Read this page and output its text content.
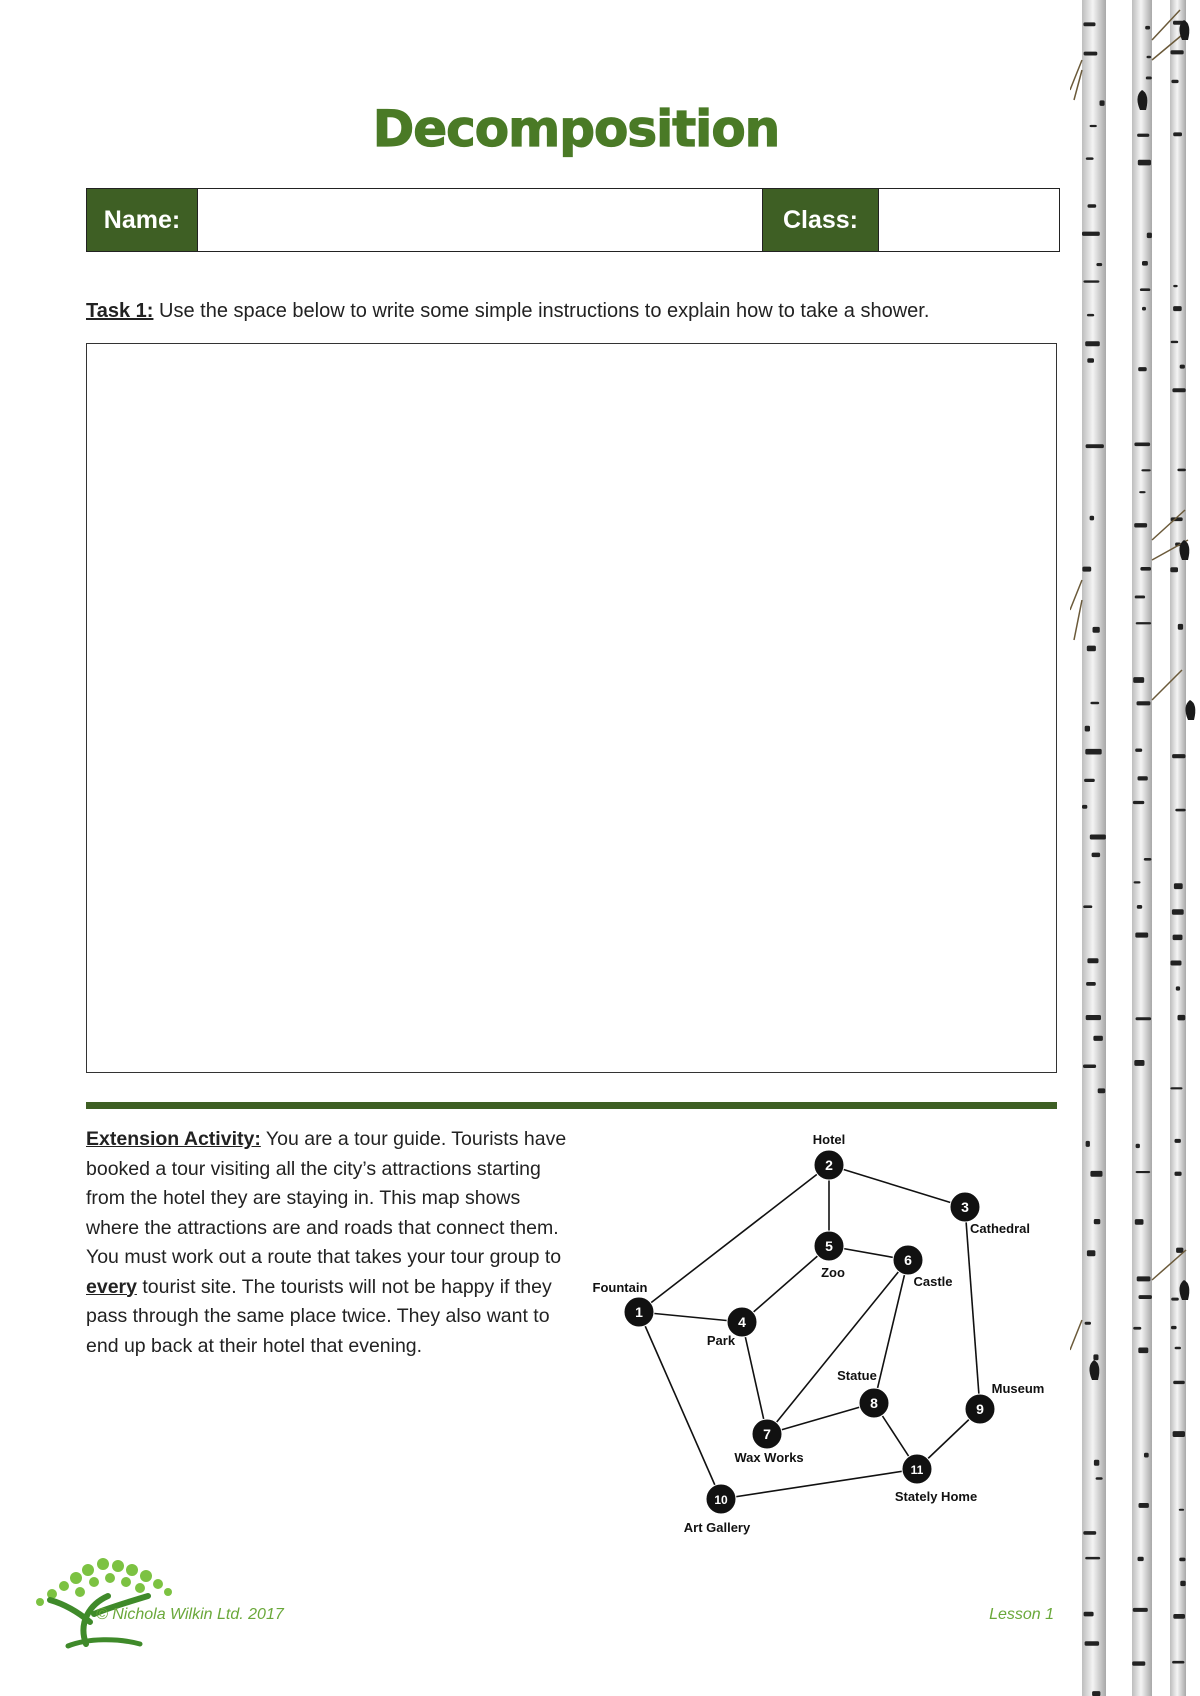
Decomposition
Name:	Class:
Task 1: Use the space below to write some simple instructions to explain how to take a shower.
Extension Activity: You are a tour guide. Tourists have booked a tour visiting all the city’s attractions starting from the hotel they are staying in. This map shows where the attractions are and roads that connect them. You must work out a route that takes your tour group to every tourist site. The tourists will not be happy if they pass through the same place twice. They also want to end up back at their hotel that evening.
1
Fountain
2
Hotel
3
Cathedral
4
Park
5
Zoo
6
Castle
7
Wax Works
8
Statue
9
Museum
10
Art Gallery
11
Stately Home
© Nichola Wilkin Ltd. 2017	Lesson 1
